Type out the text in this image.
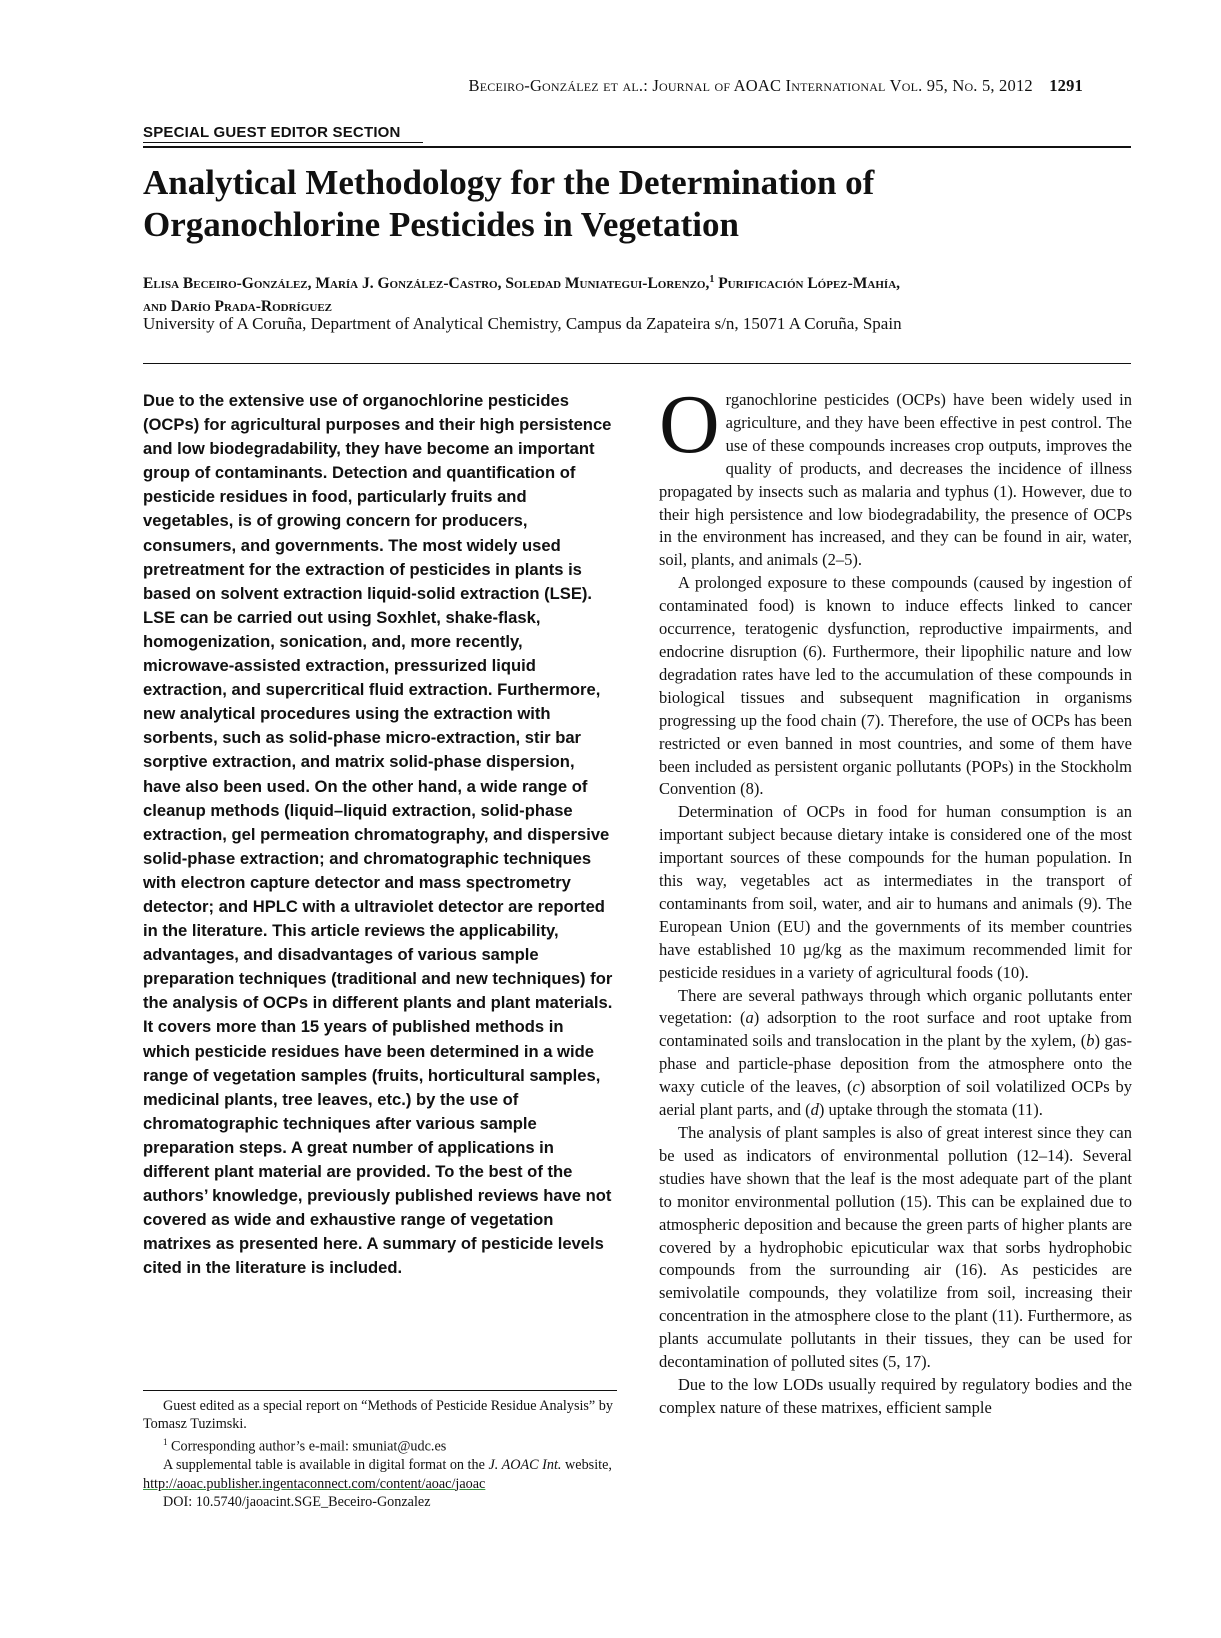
Beceiro-González et al.: Journal of AOAC International Vol. 95, No. 5, 2012 1291
SPECIAL GUEST EDITOR SECTION
Analytical Methodology for the Determination of
Organochlorine Pesticides in Vegetation
Elisa Beceiro-González, María J. González-Castro, Soledad Muniategui-Lorenzo,$^1$ Purificación López-Mahía,
and Darío Prada-Rodríguez
University of A Coruña, Department of Analytical Chemistry, Campus da Zapateira s/n, 15071 A Coruña, Spain

Due to the extensive use of organochlorine pesticides (OCPs) for agricultural purposes and their high persistence and low biodegradability, they have become an important group of contaminants. Detection and quantification of pesticide residues in food, particularly fruits and vegetables, is of growing concern for producers, consumers, and governments. The most widely used pretreatment for the extraction of pesticides in plants is based on solvent extraction liquid-solid extraction (LSE). LSE can be carried out using Soxhlet, shake-flask, homogenization, sonication, and, more recently, microwave-assisted extraction, pressurized liquid extraction, and supercritical fluid extraction. Furthermore, new analytical procedures using the extraction with sorbents, such as solid-phase micro-extraction, stir bar sorptive extraction, and matrix solid-phase dispersion, have also been used. On the other hand, a wide range of cleanup methods (liquid–liquid extraction, solid-phase extraction, gel permeation chromatography, and dispersive solid-phase extraction; and chromatographic techniques with electron capture detector and mass spectrometry detector; and HPLC with a ultraviolet detector are reported in the literature. This article reviews the applicability, advantages, and disadvantages of various sample preparation techniques (traditional and new techniques) for the analysis of OCPs in different plants and plant materials. It covers more than 15 years of published methods in which pesticide residues have been determined in a wide range of vegetation samples (fruits, horticultural samples, medicinal plants, tree leaves, etc.) by the use of chromatographic techniques after various sample preparation steps. A great number of applications in different plant material are provided. To the best of the authors’ knowledge, previously published reviews have not covered as wide and exhaustive range of vegetation matrixes as presented here. A summary of pesticide levels cited in the literature is included.

Guest edited as a special report on “Methods of Pesticide Residue Analysis” by Tomasz Tuzimski.

$^1$ Corresponding author’s e-mail: smuniat@udc.es

A supplemental table is available in digital format on the J. AOAC Int. website, http://aoac.publisher.ingentaconnect.com/content/aoac/jaoac

DOI: 10.5740/jaoacint.SGE_Beceiro-Gonzalez

Organochlorine pesticides (OCPs) have been widely used in agriculture, and they have been effective in pest control. The use of these compounds increases crop outputs, improves the quality of products, and decreases the incidence of illness propagated by insects such as malaria and typhus (1). However, due to their high persistence and low biodegradability, the presence of OCPs in the environment has increased, and they can be found in air, water, soil, plants, and animals (2–5).

A prolonged exposure to these compounds (caused by ingestion of contaminated food) is known to induce effects linked to cancer occurrence, teratogenic dysfunction, reproductive impairments, and endocrine disruption (6). Furthermore, their lipophilic nature and low degradation rates have led to the accumulation of these compounds in biological tissues and subsequent magnification in organisms progressing up the food chain (7). Therefore, the use of OCPs has been restricted or even banned in most countries, and some of them have been included as persistent organic pollutants (POPs) in the Stockholm Convention (8).

Determination of OCPs in food for human consumption is an important subject because dietary intake is considered one of the most important sources of these compounds for the human population. In this way, vegetables act as intermediates in the transport of contaminants from soil, water, and air to humans and animals (9). The European Union (EU) and the governments of its member countries have established 10 µg/kg as the maximum recommended limit for pesticide residues in a variety of agricultural foods (10).

There are several pathways through which organic pollutants enter vegetation: (a) adsorption to the root surface and root uptake from contaminated soils and translocation in the plant by the xylem, (b) gas-phase and particle-phase deposition from the atmosphere onto the waxy cuticle of the leaves, (c) absorption of soil volatilized OCPs by aerial plant parts, and (d) uptake through the stomata (11).

The analysis of plant samples is also of great interest since they can be used as indicators of environmental pollution (12–14). Several studies have shown that the leaf is the most adequate part of the plant to monitor environmental pollution (15). This can be explained due to atmospheric deposition and because the green parts of higher plants are covered by a hydrophobic epicuticular wax that sorbs hydrophobic compounds from the surrounding air (16). As pesticides are semivolatile compounds, they volatilize from soil, increasing their concentration in the atmosphere close to the plant (11). Furthermore, as plants accumulate pollutants in their tissues, they can be used for decontamination of polluted sites (5, 17).

Due to the low LODs usually required by regulatory bodies and the complex nature of these matrixes, efficient sample
